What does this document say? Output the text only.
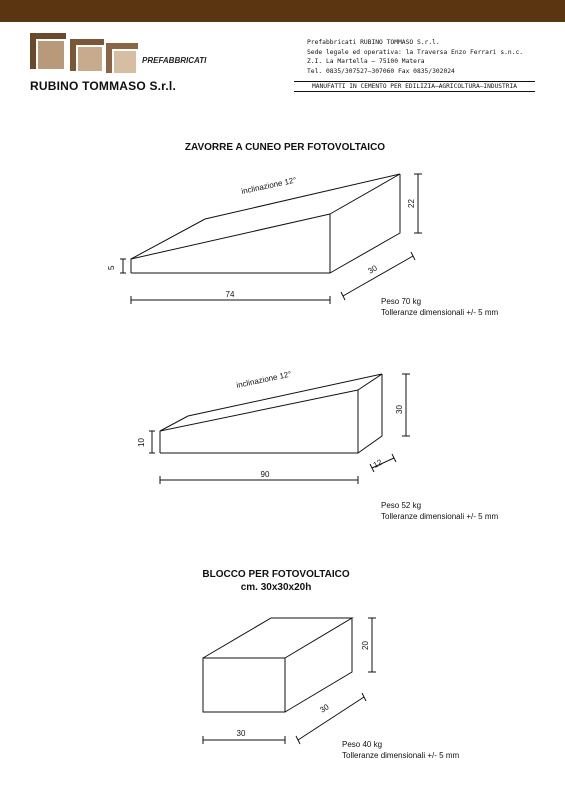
PREFABBRICATI
RUBINO TOMMASO S.r.l.
Prefabbricati RUBINO TOMMASO S.r.l.
Sede legale ed operativa: la Traversa Enzo Ferrari s.n.c.
Z.I. La Martella — 75100 Matera
Tel. 0835/307527–307060 Fax 0835/302024
MANUFATTI IN CEMENTO PER EDILIZIA–AGRICOLTURA–INDUSTRIA
ZAVORRE A CUNEO PER FOTOVOLTAICO
inclinazione 12°
5
74
30
22
inclinazione 12°
10
90
12
30
20
30
30
Peso 70 kg
Tolleranze dimensionali +/- 5 mm
Peso 52 kg
Tolleranze dimensionali +/- 5 mm
BLOCCO PER FOTOVOLTAICO
cm. 30x30x20h
Peso 40 kg
Tolleranze dimensionali +/- 5 mm
